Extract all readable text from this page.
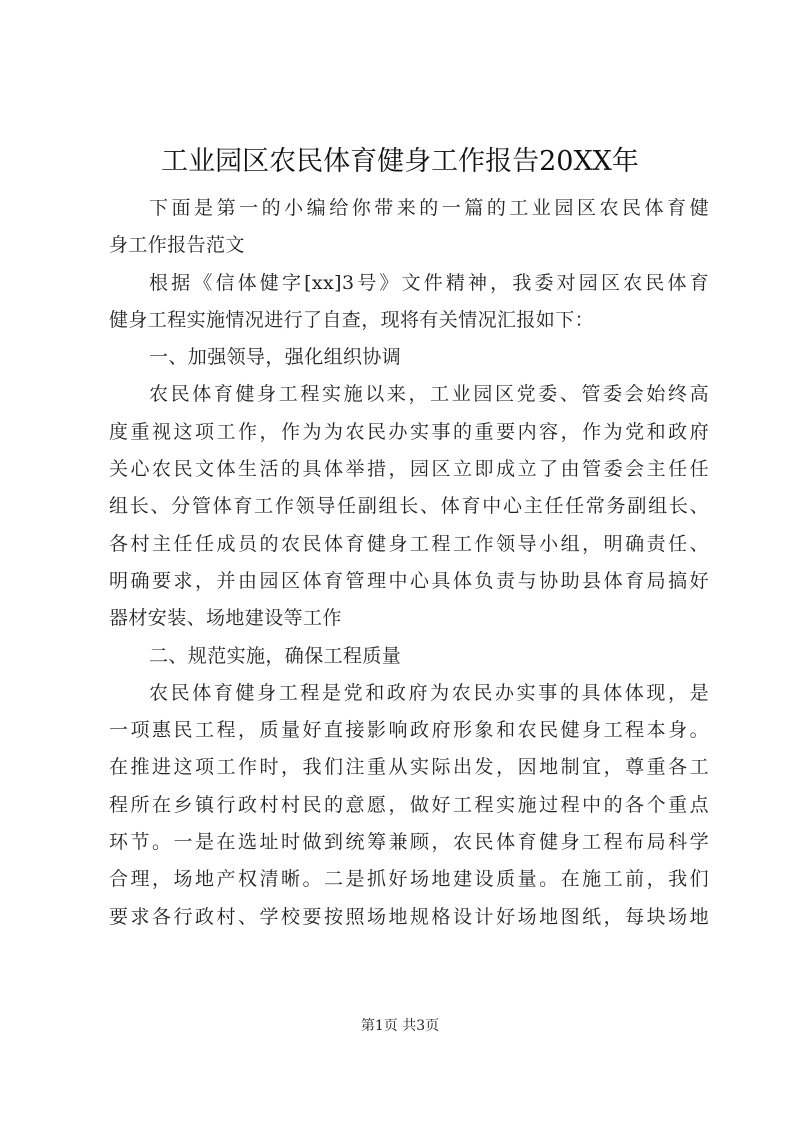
工业园区农民体育健身工作报告20XX年
下面是第一的小编给你带来的一篇的工业园区农民体育健
身工作报告范文
根据《信体健字[xx]3号》文件精神，我委对园区农民体育
健身工程实施情况进行了自查，现将有关情况汇报如下：
一、加强领导，强化组织协调
农民体育健身工程实施以来，工业园区党委、管委会始终高
度重视这项工作，作为为农民办实事的重要内容，作为党和政府
关心农民文体生活的具体举措，园区立即成立了由管委会主任任
组长、分管体育工作领导任副组长、体育中心主任任常务副组长、
各村主任任成员的农民体育健身工程工作领导小组，明确责任、
明确要求，并由园区体育管理中心具体负责与协助县体育局搞好
器材安装、场地建设等工作
二、规范实施，确保工程质量
农民体育健身工程是党和政府为农民办实事的具体体现，是
一项惠民工程，质量好直接影响政府形象和农民健身工程本身。
在推进这项工作时，我们注重从实际出发，因地制宜，尊重各工
程所在乡镇行政村村民的意愿，做好工程实施过程中的各个重点
环节。一是在选址时做到统筹兼顾，农民体育健身工程布局科学
合理，场地产权清晰。二是抓好场地建设质量。在施工前，我们
要求各行政村、学校要按照场地规格设计好场地图纸，每块场地
第1页 共3页
